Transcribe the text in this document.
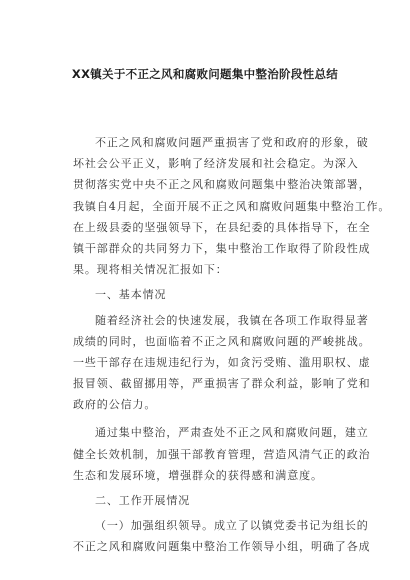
XX镇关于不正之风和腐败问题集中整治阶段性总结
不正之风和腐败问题严重损害了党和政府的形象，破
坏社会公平正义，影响了经济发展和社会稳定。为深入
贯彻落实党中央不正之风和腐败问题集中整治决策部署，
我镇自4月起，全面开展不正之风和腐败问题集中整治工作。
在上级县委的坚强领导下，在县纪委的具体指导下，在全
镇干部群众的共同努力下，集中整治工作取得了阶段性成
果。现将相关情况汇报如下：
一、基本情况
随着经济社会的快速发展，我镇在各项工作取得显著
成绩的同时，也面临着不正之风和腐败问题的严峻挑战。
一些干部存在违规违纪行为，如贪污受贿、滥用职权、虚
报冒领、截留挪用等，严重损害了群众利益，影响了党和
政府的公信力。
通过集中整治，严肃查处不正之风和腐败问题，建立
健全长效机制，加强干部教育管理，营造风清气正的政治
生态和发展环境，增强群众的获得感和满意度。
二、工作开展情况
（一）加强组织领导。成立了以镇党委书记为组长的
不正之风和腐败问题集中整治工作领导小组，明确了各成
